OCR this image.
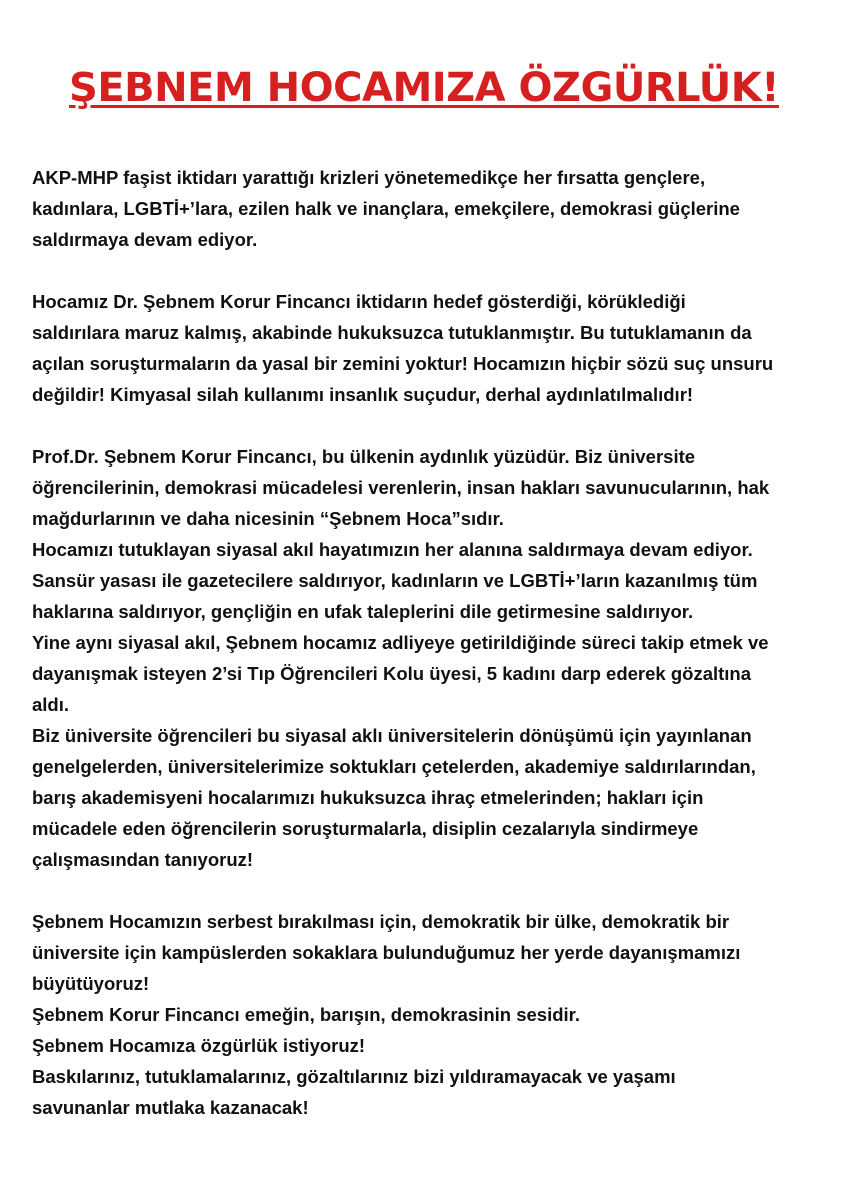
ŞEBNEM HOCAMIZA ÖZGÜRLÜK!

AKP-MHP faşist iktidarı yarattığı krizleri yönetemedikçe her fırsatta gençlere,
kadınlara, LGBTİ+’lara, ezilen halk ve inançlara, emekçilere, demokrasi güçlerine
saldırmaya devam ediyor.

Hocamız Dr. Şebnem Korur Fincancı iktidarın hedef gösterdiği, körüklediği
saldırılara maruz kalmış, akabinde hukuksuzca tutuklanmıştır. Bu tutuklamanın da
açılan soruşturmaların da yasal bir zemini yoktur! Hocamızın hiçbir sözü suç unsuru
değildir! Kimyasal silah kullanımı insanlık suçudur, derhal aydınlatılmalıdır!

Prof.Dr. Şebnem Korur Fincancı, bu ülkenin aydınlık yüzüdür. Biz üniversite
öğrencilerinin, demokrasi mücadelesi verenlerin, insan hakları savunucularının, hak
mağdurlarının ve daha nicesinin “Şebnem Hoca”sıdır.
Hocamızı tutuklayan siyasal akıl hayatımızın her alanına saldırmaya devam ediyor.
Sansür yasası ile gazetecilere saldırıyor, kadınların ve LGBTİ+’ların kazanılmış tüm
haklarına saldırıyor, gençliğin en ufak taleplerini dile getirmesine saldırıyor.
Yine aynı siyasal akıl, Şebnem hocamız adliyeye getirildiğinde süreci takip etmek ve
dayanışmak isteyen 2’si Tıp Öğrencileri Kolu üyesi, 5 kadını darp ederek gözaltına
aldı.
Biz üniversite öğrencileri bu siyasal aklı üniversitelerin dönüşümü için yayınlanan
genelgelerden, üniversitelerimize soktukları çetelerden, akademiye saldırılarından,
barış akademisyeni hocalarımızı hukuksuzca ihraç etmelerinden; hakları için
mücadele eden öğrencilerin soruşturmalarla, disiplin cezalarıyla sindirmeye
çalışmasından tanıyoruz!

Şebnem Hocamızın serbest bırakılması için, demokratik bir ülke, demokratik bir
üniversite için kampüslerden sokaklara bulunduğumuz her yerde dayanışmamızı
büyütüyoruz!
Şebnem Korur Fincancı emeğin, barışın, demokrasinin sesidir.
Şebnem Hocamıza özgürlük istiyoruz!
Baskılarınız, tutuklamalarınız, gözaltılarınız bizi yıldıramayacak ve yaşamı
savunanlar mutlaka kazanacak!
